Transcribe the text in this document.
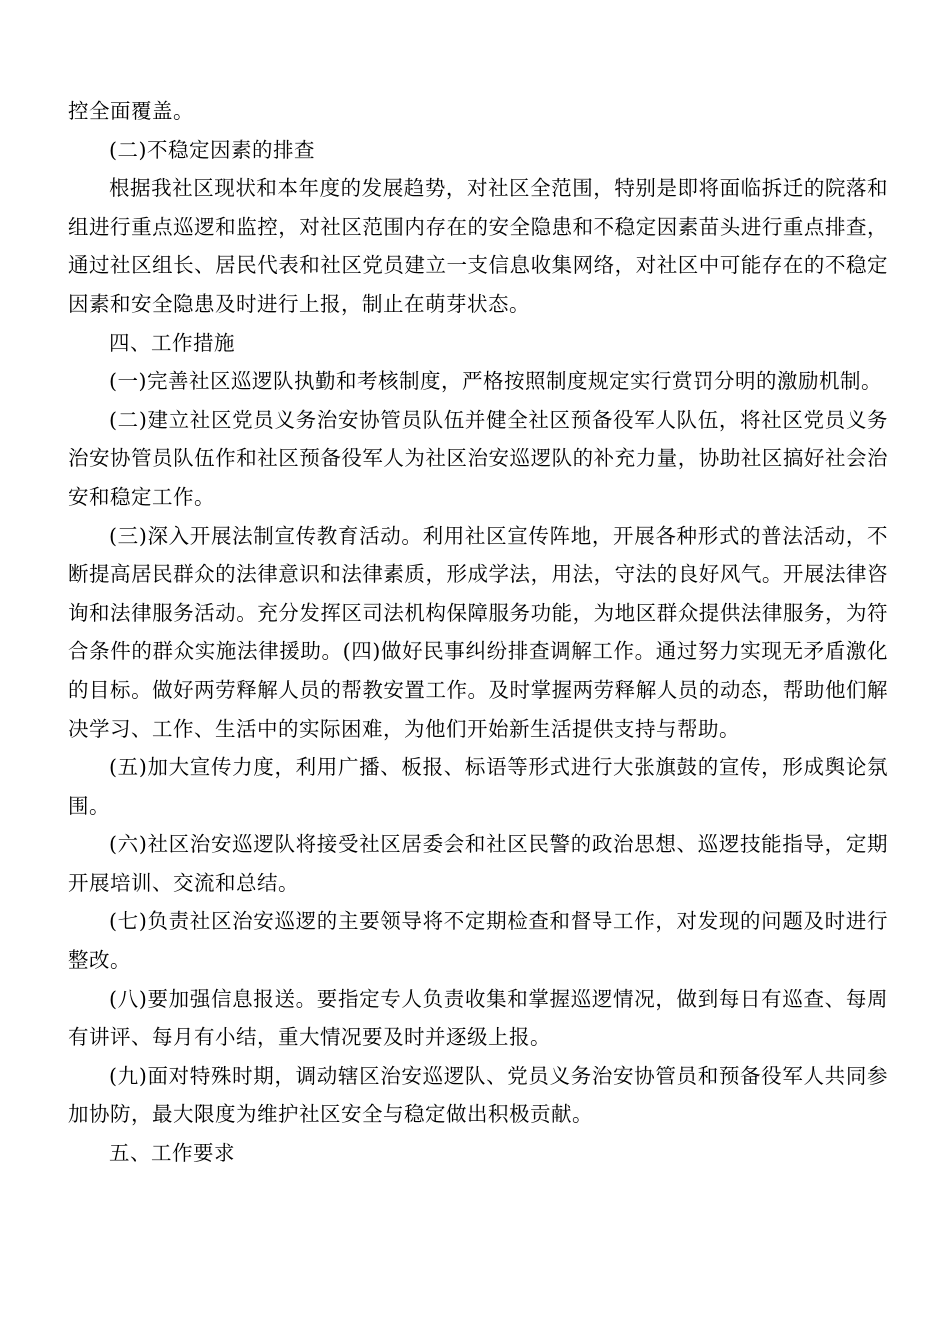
控全面覆盖。

(二)不稳定因素的排查

根据我社区现状和本年度的发展趋势，对社区全范围，特别是即将面临拆迁的院落和组进行重点巡逻和监控，对社区范围内存在的安全隐患和不稳定因素苗头进行重点排查，通过社区组长、居民代表和社区党员建立一支信息收集网络，对社区中可能存在的不稳定因素和安全隐患及时进行上报，制止在萌芽状态。

四、工作措施

(一)完善社区巡逻队执勤和考核制度，严格按照制度规定实行赏罚分明的激励机制。

(二)建立社区党员义务治安协管员队伍并健全社区预备役军人队伍，将社区党员义务治安协管员队伍作和社区预备役军人为社区治安巡逻队的补充力量，协助社区搞好社会治安和稳定工作。

(三)深入开展法制宣传教育活动。利用社区宣传阵地，开展各种形式的普法活动，不断提高居民群众的法律意识和法律素质，形成学法，用法，守法的良好风气。开展法律咨询和法律服务活动。充分发挥区司法机构保障服务功能，为地区群众提供法律服务，为符合条件的群众实施法律援助。(四)做好民事纠纷排查调解工作。通过努力实现无矛盾激化的目标。做好两劳释解人员的帮教安置工作。及时掌握两劳释解人员的动态，帮助他们解决学习、工作、生活中的实际困难，为他们开始新生活提供支持与帮助。

(五)加大宣传力度，利用广播、板报、标语等形式进行大张旗鼓的宣传，形成舆论氛围。

(六)社区治安巡逻队将接受社区居委会和社区民警的政治思想、巡逻技能指导，定期开展培训、交流和总结。

(七)负责社区治安巡逻的主要领导将不定期检查和督导工作，对发现的问题及时进行整改。

(八)要加强信息报送。要指定专人负责收集和掌握巡逻情况，做到每日有巡查、每周有讲评、每月有小结，重大情况要及时并逐级上报。

(九)面对特殊时期，调动辖区治安巡逻队、党员义务治安协管员和预备役军人共同参加协防，最大限度为维护社区安全与稳定做出积极贡献。

五、工作要求
